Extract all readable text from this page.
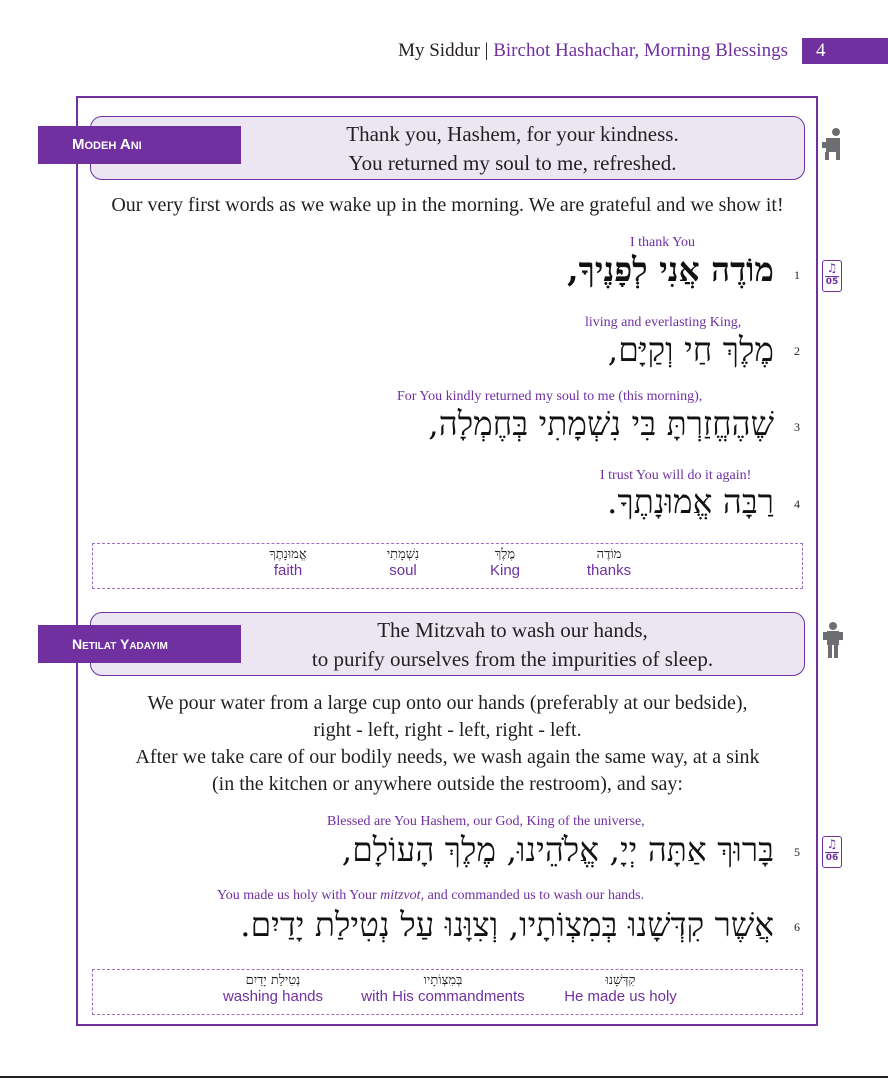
My Siddur | Birchot Hashachar, Morning Blessings	4
Thank you, Hashem, for your kindness.
You returned my soul to me, refreshed.
Modeh Ani
Our very first words as we wake up in the morning. We are grateful and we show it!
I thank You
מוֹדֶה אֲנִי לְפָנֶיךָ, 1	♫
05
living and everlasting King,
מֶלֶךְ חַי וְקַיָּם, 2
For You kindly returned my soul to me (this morning),
שֶׁהֶחֱזַרְתָּ בִּי נִשְׁמָתִי בְּחֶמְלָה, 3
I trust You will do it again!
רַבָּה אֱמוּנָתֶךָ. 4
אֱמוּנָתֶךָ
faith
נִשְׁמָתִי
soul
מֶלֶךְ
King
מוֹדֶה
thanks
The Mitzvah to wash our hands,
to purify ourselves from the impurities of sleep.
Netilat Yadayim
We pour water from a large cup onto our hands (preferably at our bedside),
right - left, right - left, right - left.
After we take care of our bodily needs, we wash again the same way, at a sink
(in the kitchen or anywhere outside the restroom), and say:
Blessed are You Hashem, our God, King of the universe,
בָּרוּךְ אַתָּה יְיָ, אֱלֹהֵינוּ, מֶלֶךְ הָעוֹלָם, 5
♫
06
You made us holy with Your mitzvot, and commanded us to wash our hands.
אֲשֶׁר קִדְּשָׁנוּ בְּמִצְוֹתָיו, וְצִוָּנוּ עַל נְטִילַת יָדַיִם. 6
נְטִילַת יָדַיִם
washing hands
בְּמִצְוֹתָיו
with His commandments
קִדְּשָׁנוּ
He made us holy
